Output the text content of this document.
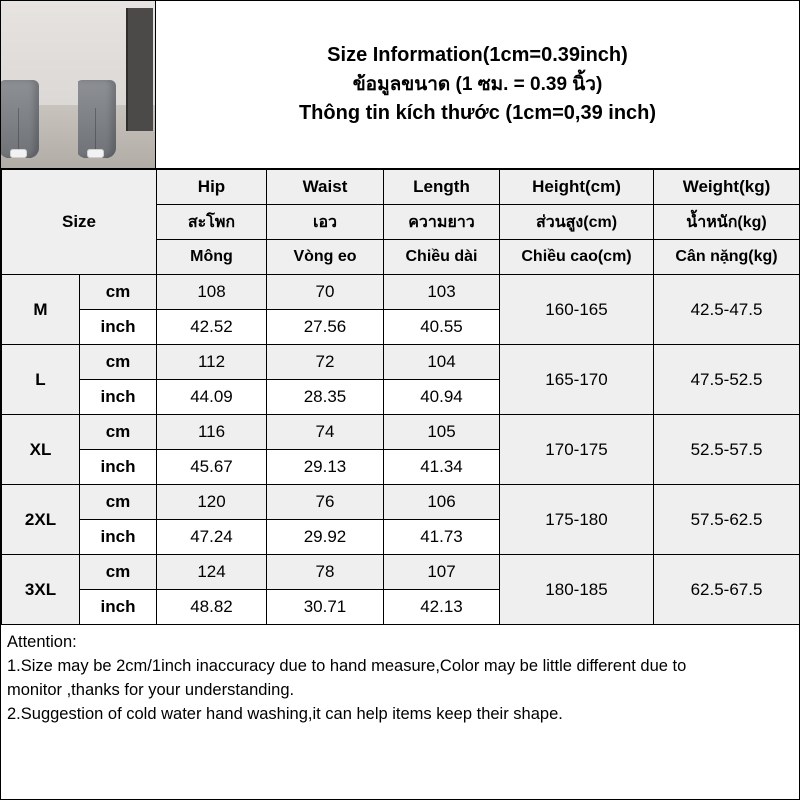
Size Information(1cm=0.39inch)
ข้อมูลขนาด (1 ซม. = 0.39 นิ้ว)
Thông tin kích thước (1cm=0,39 inch)
Size		Hip	Waist	Length	Height(cm)	Weight(kg)
		สะโพก	เอว	ความยาว	ส่วนสูง(cm)	น้ำหนัก(kg)
		Mông	Vòng eo	Chiều dài	Chiều cao(cm)	Cân nặng(kg)
M	cm	108	70	103	160-165	42.5-47.5
	inch	42.52	27.56	40.55		
L	cm	112	72	104	165-170	47.5-52.5
	inch	44.09	28.35	40.94		
XL	cm	116	74	105	170-175	52.5-57.5
	inch	45.67	29.13	41.34		
2XL	cm	120	76	106	175-180	57.5-62.5
	inch	47.24	29.92	41.73		
3XL	cm	124	78	107	180-185	62.5-67.5
	inch	48.82	30.71	42.13		
Attention:
1.Size may be 2cm/1inch inaccuracy due to hand measure,Color may be little different due to
monitor ,thanks for your understanding.
2.Suggestion of cold water hand washing,it can help items keep their shape.
